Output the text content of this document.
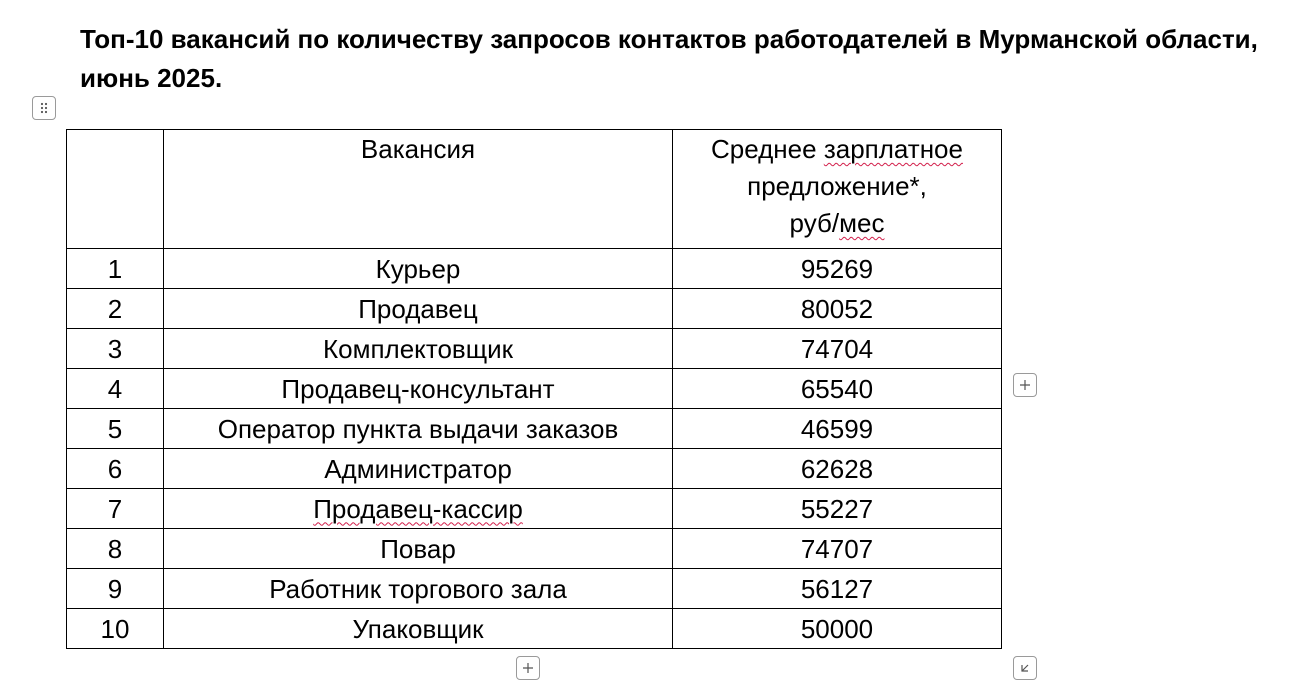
Топ-10 вакансий по количеству запросов контактов работодателей в Мурманской области, июнь 2025.
	Вакансия	Среднее зарплатное
предложение*,
руб/мес
1	Курьер	95269
2	Продавец	80052
3	Комплектовщик	74704
4	Продавец-консультант	65540
5	Оператор пункта выдачи заказов	46599
6	Администратор	62628
7	Продавец-кассир	55227
8	Повар	74707
9	Работник торгового зала	56127
10	Упаковщик	50000
